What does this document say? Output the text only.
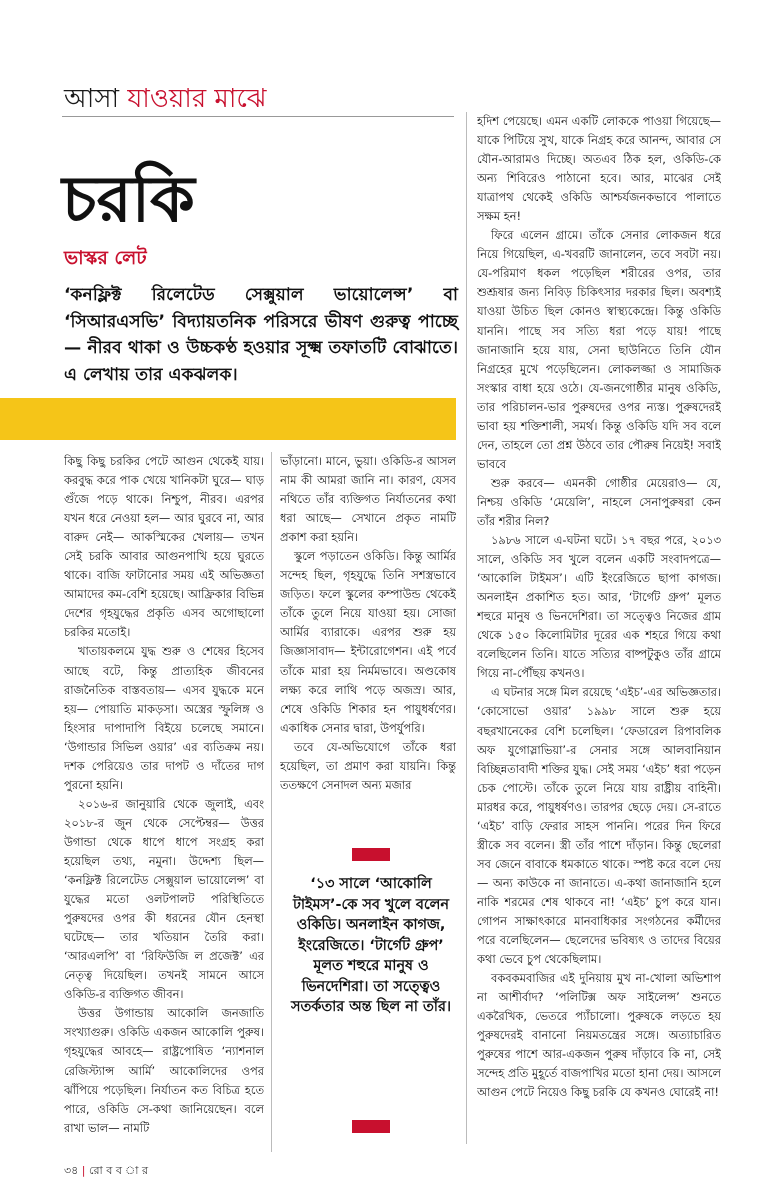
আসা যাওয়ার মাঝে
চরকি
ভাস্কর লেট
‘কনফ্লিক্ট রিলেটেড সেক্সুয়াল ভায়োলেন্স’ বা ‘সিআরএসভি’ বিদ্যায়তনিক পরিসরে ভীষণ গুরুত্ব পাচ্ছে— নীরব থাকা ও উচ্চকণ্ঠ হওয়ার সূক্ষ্ম তফাতটি বোঝাতে। এ লেখায় তার একঝলক।

কিছু কিছু চরকির পেটে আগুন থেকেই যায়। করবুদ্ধ করে পাক খেয়ে খানিকটা ঘুরে— ঘাড় গুঁজে পড়ে থাকে। নিশ্চুপ, নীরব। এরপর যখন ধরে নেওয়া হল— আর ঘুরবে না, আর বারুদ নেই— আকস্মিকের খেলায়— তখন সেই চরকি আবার আগুনপাখি হয়ে ঘুরতে থাকে। বাজি ফাটানোর সময় এই অভিজ্ঞতা আমাদের কম-বেশি হয়েছে। আফ্রিকার বিভিন্ন দেশের গৃহযুদ্ধের প্রকৃতি এসব অগোছালো চরকির মতোই।

খাতায়কলমে যুদ্ধ শুরু ও শেষের হিসেব আছে বটে, কিন্তু প্রাত্যহিক জীবনের রাজনৈতিক বাস্তবতায়— এসব যুদ্ধকে মনে হয়— পোয়াতি মাকড়সা। অস্ত্রের স্ফুলিঙ্গ ও হিংসার দাপাদাপি বিইয়ে চলেছে সমানে। ‘উগান্ডার সিভিল ওয়ার’ এর ব্যতিক্রম নয়। দশক পেরিয়েও তার দাপট ও দাঁতের দাগ পুরনো হয়নি।

২০১৬-র জানুয়ারি থেকে জুলাই, এবং ২০১৮-র জুন থেকে সেপ্টেম্বর— উত্তর উগান্ডা থেকে ধাপে ধাপে সংগ্রহ করা হয়েছিল তথ্য, নমুনা। উদ্দেশ্য ছিল— ‘কনফ্লিক্ট রিলেটেড সেক্সুয়াল ভায়োলেন্স’ বা যুদ্ধের মতো ওলটপালট পরিস্থিতিতে পুরুষদের ওপর কী ধরনের যৌন হেনস্থা ঘটেছে— তার খতিয়ান তৈরি করা। ‘আরএলপি’ বা ‘রিফিউজি ল প্রজেক্ট’ এর নেতৃত্ব দিয়েছিল। তখনই সামনে আসে ওকিডি-র ব্যক্তিগত জীবন।

উত্তর উগান্ডায় আকোলি জনজাতি সংখ্যাগুরু। ওকিডি একজন আকোলি পুরুষ। গৃহযুদ্ধের আবহে— রাষ্ট্রপোষিত ‘ন্যাশনাল রেজিস্ট্যান্স আর্মি’ আকোলিদের ওপর ঝাঁপিয়ে পড়েছিল। নির্যাতন কত বিচিত্র হতে পারে, ওকিডি সে-কথা জানিয়েছেন। বলে রাখা ভাল— নামটি

ভাঁড়ানো। মানে, ভুয়া। ওকিডি-র আসল নাম কী আমরা জানি না। কারণ, যেসব নথিতে তাঁর ব্যক্তিগত নির্যাতনের কথা ধরা আছে— সেখানে প্রকৃত নামটি প্রকাশ করা হয়নি।

স্কুলে পড়াতেন ওকিডি। কিন্তু আর্মির সন্দেহ ছিল, গৃহযুদ্ধে তিনি সশস্ত্রভাবে জড়িত। ফলে স্কুলের কম্পাউন্ড থেকেই তাঁকে তুলে নিয়ে যাওয়া হয়। সোজা আর্মির ব্যারাকে। এরপর শুরু হয় জিজ্ঞাসাবাদ— ইন্টারোগেশন। এই পর্বে তাঁকে মারা হয় নির্মমভাবে। অণ্ডকোষ লক্ষ্য করে লাথি পড়ে অজস্র। আর, শেষে ওকিডি শিকার হন পায়ুধর্ষণের। একাধিক সেনার দ্বারা, উপর্যুপরি।

তবে যে-অভিযোগে তাঁকে ধরা হয়েছিল, তা প্রমাণ করা যায়নি। কিন্তু ততক্ষণে সেনাদল অন্য মজার

‘১৩ সালে ‘আকোলি টাইমস’-কে সব খুলে বলেন ওকিডি। অনলাইন কাগজ, ইংরেজিতে। ‘টার্গেট গ্রুপ’ মূলত শহুরে মানুষ ও ভিনদেশিরা। তা সত্ত্বেও সতর্কতার অন্ত ছিল না তাঁর।

হদিশ পেয়েছে। এমন একটি লোককে পাওয়া গিয়েছে— যাকে পিটিয়ে সুখ, যাকে নিগ্রহ করে আনন্দ, আবার সে যৌন-আরামও দিচ্ছে। অতএব ঠিক হল, ওকিডি-কে অন্য শিবিরেও পাঠানো হবে। আর, মাঝের সেই যাত্রাপথ থেকেই ওকিডি আশ্চর্যজনকভাবে পালাতে সক্ষম হন!

ফিরে এলেন গ্রামে। তাঁকে সেনার লোকজন ধরে নিয়ে গিয়েছিল, এ-খবরটি জানালেন, তবে সবটা নয়। যে-পরিমাণ ধকল পড়েছিল শরীরের ওপর, তার শুশ্রূষার জন্য নিবিড় চিকিৎসার দরকার ছিল। অবশ্যই যাওয়া উচিত ছিল কোনও স্বাস্থ্যকেন্দ্রে। কিন্তু ওকিডি যাননি। পাছে সব সত্যি ধরা পড়ে যায়! পাছে জানাজানি হয়ে যায়, সেনা ছাউনিতে তিনি যৌন নিগ্রহের মুখে পড়েছিলেন। লোকলজ্জা ও সামাজিক সংস্কার বাধা হয়ে ওঠে। যে-জনগোষ্ঠীর মানুষ ওকিডি, তার পরিচালন-ভার পুরুষদের ওপর ন্যস্ত। পুরুষদেরই ভাবা হয় শক্তিশালী, সমর্থ। কিন্তু ওকিডি যদি সব বলে দেন, তাহলে তো প্রশ্ন উঠবে তার পৌরুষ নিয়েই! সবাই ভাববে

শুরু করবে— এমনকী গোষ্ঠীর মেয়েরাও— যে, নিশ্চয় ওকিডি ‘মেয়েলি’, নাহলে সেনাপুরুষরা কেন তাঁর শরীর নিল?

১৯৮৬ সালে এ-ঘটনা ঘটে। ১৭ বছর পরে, ২০১৩ সালে, ওকিডি সব খুলে বলেন একটি সংবাদপত্রে— ‘আকোলি টাইমস’। এটি ইংরেজিতে ছাপা কাগজ। অনলাইন প্রকাশিত হত। আর, ‘টার্গেট গ্রুপ’ মূলত শহুরে মানুষ ও ভিনদেশিরা। তা সত্ত্বেও নিজের গ্রাম থেকে ১৫০ কিলোমিটার দূরের এক শহরে গিয়ে কথা বলেছিলেন তিনি। যাতে সত্যির বাষ্পটুকুও তাঁর গ্রামে গিয়ে না-পৌঁছয় কখনও।

এ ঘটনার সঙ্গে মিল রয়েছে ‘এইচ’-এর অভিজ্ঞতার। ‘কোসোভো ওয়ার’ ১৯৯৮ সালে শুরু হয়ে বছরখানেকের বেশি চলেছিল। ‘ফেডারেল রিপাবলিক অফ যুগোস্লাভিয়া’-র সেনার সঙ্গে আলবানিয়ান বিচ্ছিন্নতাবাদী শক্তির যুদ্ধ। সেই সময় ‘এইচ’ ধরা পড়েন চেক পোস্টে। তাঁকে তুলে নিয়ে যায় রাষ্ট্রীয় বাহিনী। মারধর করে, পায়ুধর্ষণও। তারপর ছেড়ে দেয়। সে-রাতে ‘এইচ’ বাড়ি ফেরার সাহস পাননি। পরের দিন ফিরে স্ত্রীকে সব বলেন। স্ত্রী তাঁর পাশে দাঁড়ান। কিন্তু ছেলেরা সব জেনে বাবাকে ধমকাতে থাকে। স্পষ্ট করে বলে দেয়— অন্য কাউকে না জানাতে। এ-কথা জানাজানি হলে নাকি শরমের শেষ থাকবে না! ‘এইচ’ চুপ করে যান। গোপন সাক্ষাৎকারে মানবাধিকার সংগঠনের কর্মীদের পরে বলেছিলেন— ছেলেদের ভবিষ্যৎ ও তাদের বিয়ের কথা ভেবে চুপ থেকেছিলাম।

বকবকমবাজির এই দুনিয়ায় মুখ না-খোলা অভিশাপ না আশীর্বাদ? ‘পলিটিক্স অফ সাইলেন্স’ শুনতে একরৈখিক, ভেতরে প্যাঁচালো। পুরুষকে লড়তে হয় পুরুষদেরই বানানো নিয়মতন্ত্রের সঙ্গে। অত্যাচারিত পুরুষের পাশে আর-একজন পুরুষ দাঁড়াবে কি না, সেই সন্দেহ প্রতি মুহূর্তে বাজপাখির মতো হানা দেয়। আসলে আগুন পেটে নিয়েও কিছু চরকি যে কখনও ঘোরেই না!

৩৪ | রো ব ব া র
